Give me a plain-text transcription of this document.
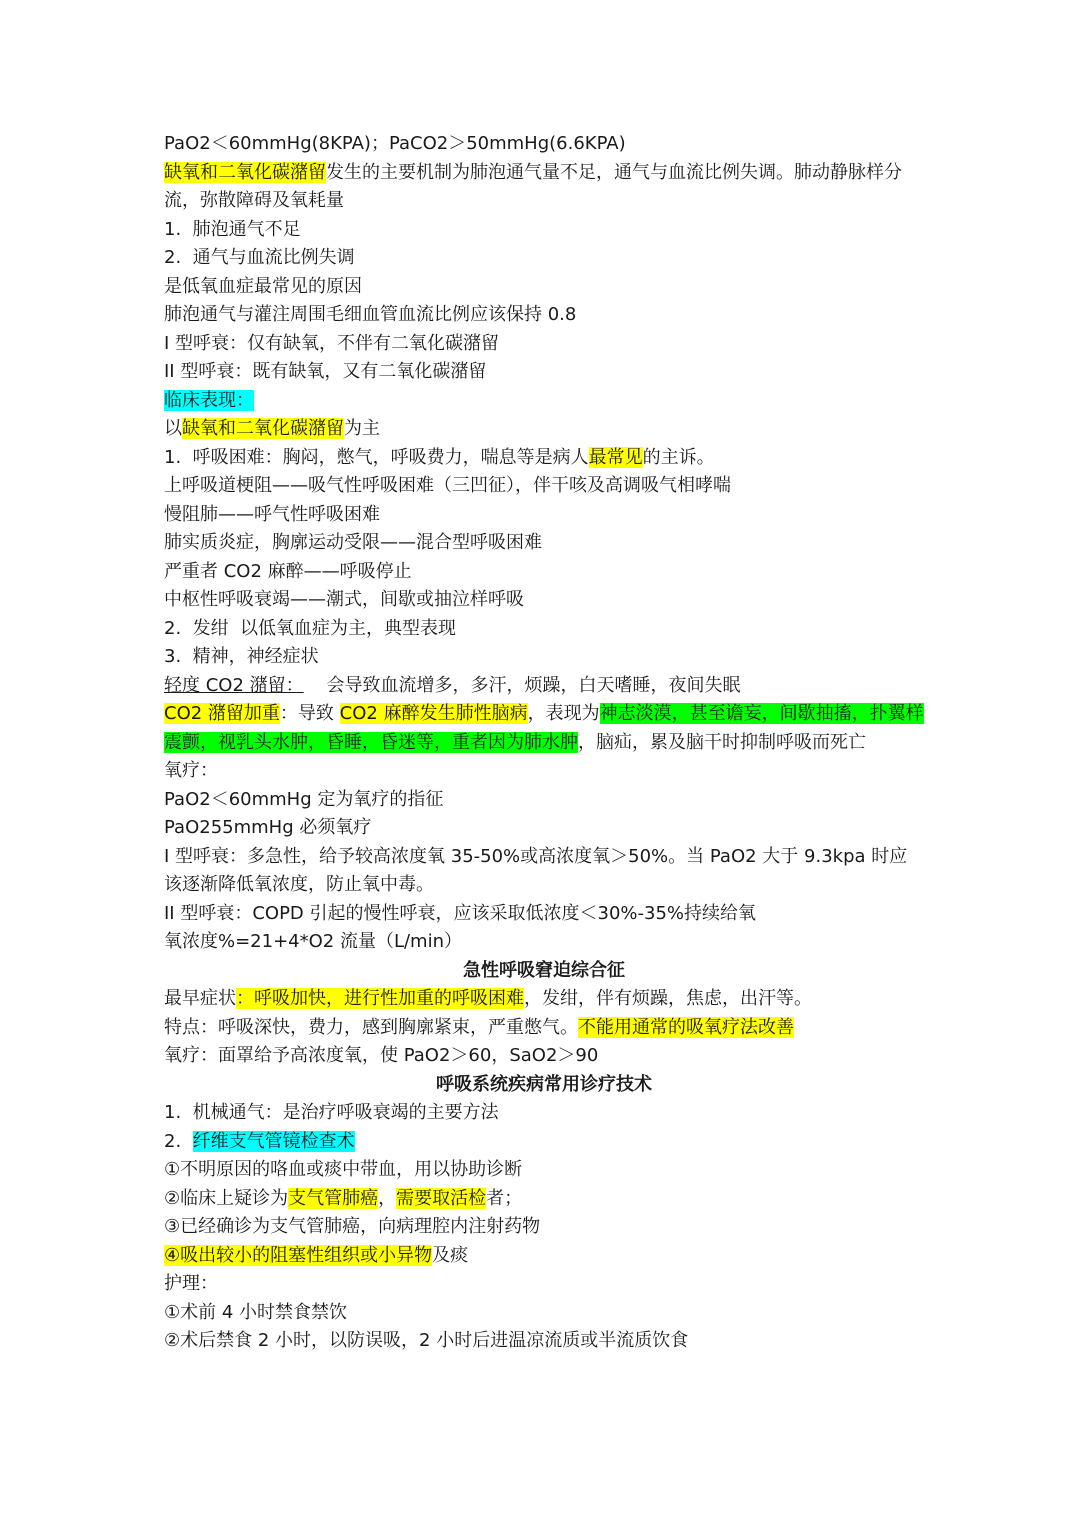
PaO2＜60mmHg(8KPA)；PaCO2＞50mmHg(6.6KPA)
缺氧和二氧化碳潴留发生的主要机制为肺泡通气量不足，通气与血流比例失调。肺动静脉样分流，弥散障碍及氧耗量
1.  肺泡通气不足
2.  通气与血流比例失调
是低氧血症最常见的原因
肺泡通气与灌注周围毛细血管血流比例应该保持 0.8
I 型呼衰：仅有缺氧，不伴有二氧化碳潴留
II 型呼衰：既有缺氧，又有二氧化碳潴留
临床表现：
以缺氧和二氧化碳潴留为主
1.  呼吸困难：胸闷，憋气，呼吸费力，喘息等是病人最常见的主诉。
上呼吸道梗阻——吸气性呼吸困难（三凹征），伴干咳及高调吸气相哮喘
慢阻肺——呼气性呼吸困难
肺实质炎症，胸廓运动受限——混合型呼吸困难
严重者 CO2 麻醉——呼吸停止
中枢性呼吸衰竭——潮式，间歇或抽泣样呼吸
2.  发绀  以低氧血症为主，典型表现
3.  精神，神经症状
轻度 CO2 潴留：    会导致血流增多，多汗，烦躁，白天嗜睡，夜间失眠
CO2 潴留加重：导致 CO2 麻醉发生肺性脑病，表现为神志淡漠，甚至谵妄，间歇抽搐，扑翼样震颤，视乳头水肿，昏睡，昏迷等，重者因为肺水肿，脑疝，累及脑干时抑制呼吸而死亡
氧疗：
PaO2＜60mmHg 定为氧疗的指征
PaO255mmHg 必须氧疗
I 型呼衰：多急性，给予较高浓度氧 35-50%或高浓度氧＞50%。当 PaO2 大于 9.3kpa 时应该逐渐降低氧浓度，防止氧中毒。
II 型呼衰：COPD 引起的慢性呼衰，应该采取低浓度＜30%-35%持续给氧
氧浓度%=21+4*O2 流量（L/min）
急性呼吸窘迫综合征
最早症状：呼吸加快，进行性加重的呼吸困难，发绀，伴有烦躁，焦虑，出汗等。
特点：呼吸深快，费力，感到胸廓紧束，严重憋气。不能用通常的吸氧疗法改善
氧疗：面罩给予高浓度氧，使 PaO2＞60，SaO2＞90
呼吸系统疾病常用诊疗技术
1.  机械通气：是治疗呼吸衰竭的主要方法
2.  纤维支气管镜检查术
①不明原因的咯血或痰中带血，用以协助诊断
②临床上疑诊为支气管肺癌，需要取活检者；
③已经确诊为支气管肺癌，向病理腔内注射药物
④吸出较小的阻塞性组织或小异物及痰
护理：
①术前 4 小时禁食禁饮
②术后禁食 2 小时，以防误吸，2 小时后进温凉流质或半流质饮食
